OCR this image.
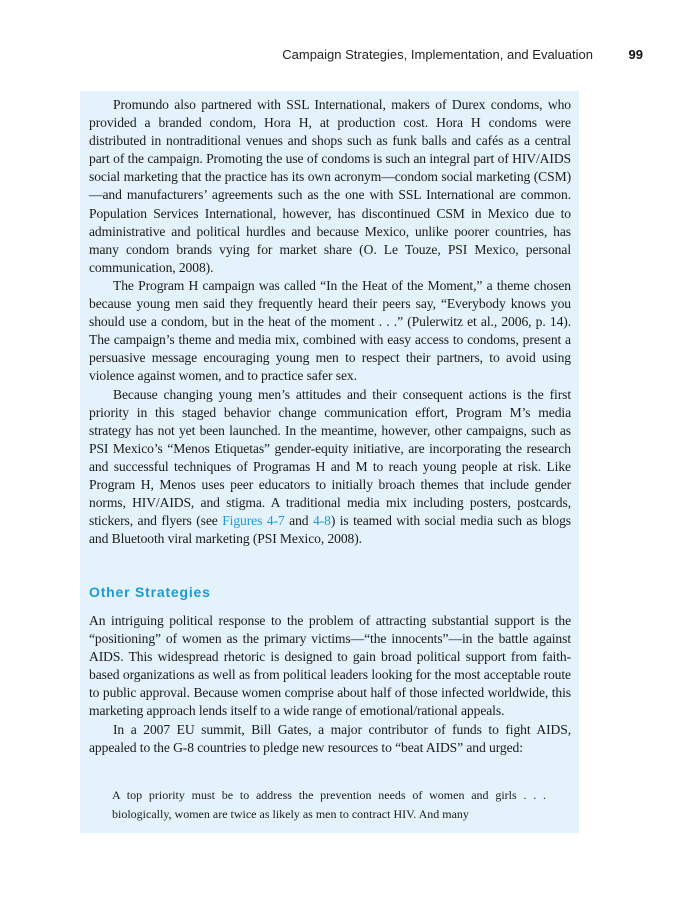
Campaign Strategies, Implementation, and Evaluation	99

Promundo also partnered with SSL International, makers of Durex condoms, who provided a branded condom, Hora H, at production cost. Hora H condoms were distributed in nontraditional venues and shops such as funk balls and cafés as a central part of the campaign. Promoting the use of condoms is such an integral part of HIV/AIDS social marketing that the practice has its own acronym—condom social marketing (CSM)—and manufacturers’ agreements such as the one with SSL International are common. Population Services International, however, has discontinued CSM in Mexico due to administrative and political hurdles and because Mexico, unlike poorer countries, has many condom brands vying for market share (O. Le Touze, PSI Mexico, personal communication, 2008).

The Program H campaign was called “In the Heat of the Moment,” a theme chosen because young men said they frequently heard their peers say, “Everybody knows you should use a condom, but in the heat of the moment . . .” (Pulerwitz et al., 2006, p. 14). The campaign’s theme and media mix, combined with easy access to condoms, present a persuasive message encouraging young men to respect their partners, to avoid using violence against women, and to practice safer sex.

Because changing young men’s attitudes and their consequent actions is the first priority in this staged behavior change communication effort, Program M’s media strategy has not yet been launched. In the meantime, however, other campaigns, such as PSI Mexico’s “Menos Etiquetas” gender-equity initiative, are incorporating the research and successful techniques of Programas H and M to reach young people at risk. Like Program H, Menos uses peer educators to initially broach themes that include gender norms, HIV/AIDS, and stigma. A traditional media mix including posters, postcards, stickers, and flyers (see Figures 4-7 and 4-8) is teamed with social media such as blogs and Bluetooth viral marketing (PSI Mexico, 2008).

Other Strategies

An intriguing political response to the problem of attracting substantial support is the “positioning” of women as the primary victims—“the innocents”—in the battle against AIDS. This widespread rhetoric is designed to gain broad political support from faith-based organizations as well as from political leaders looking for the most acceptable route to public approval. Because women comprise about half of those infected worldwide, this marketing approach lends itself to a wide range of emotional/rational appeals.

In a 2007 EU summit, Bill Gates, a major contributor of funds to fight AIDS, appealed to the G-8 countries to pledge new resources to “beat AIDS” and urged:

A top priority must be to address the prevention needs of women and girls . . . biologically, women are twice as likely as men to contract HIV. And many
